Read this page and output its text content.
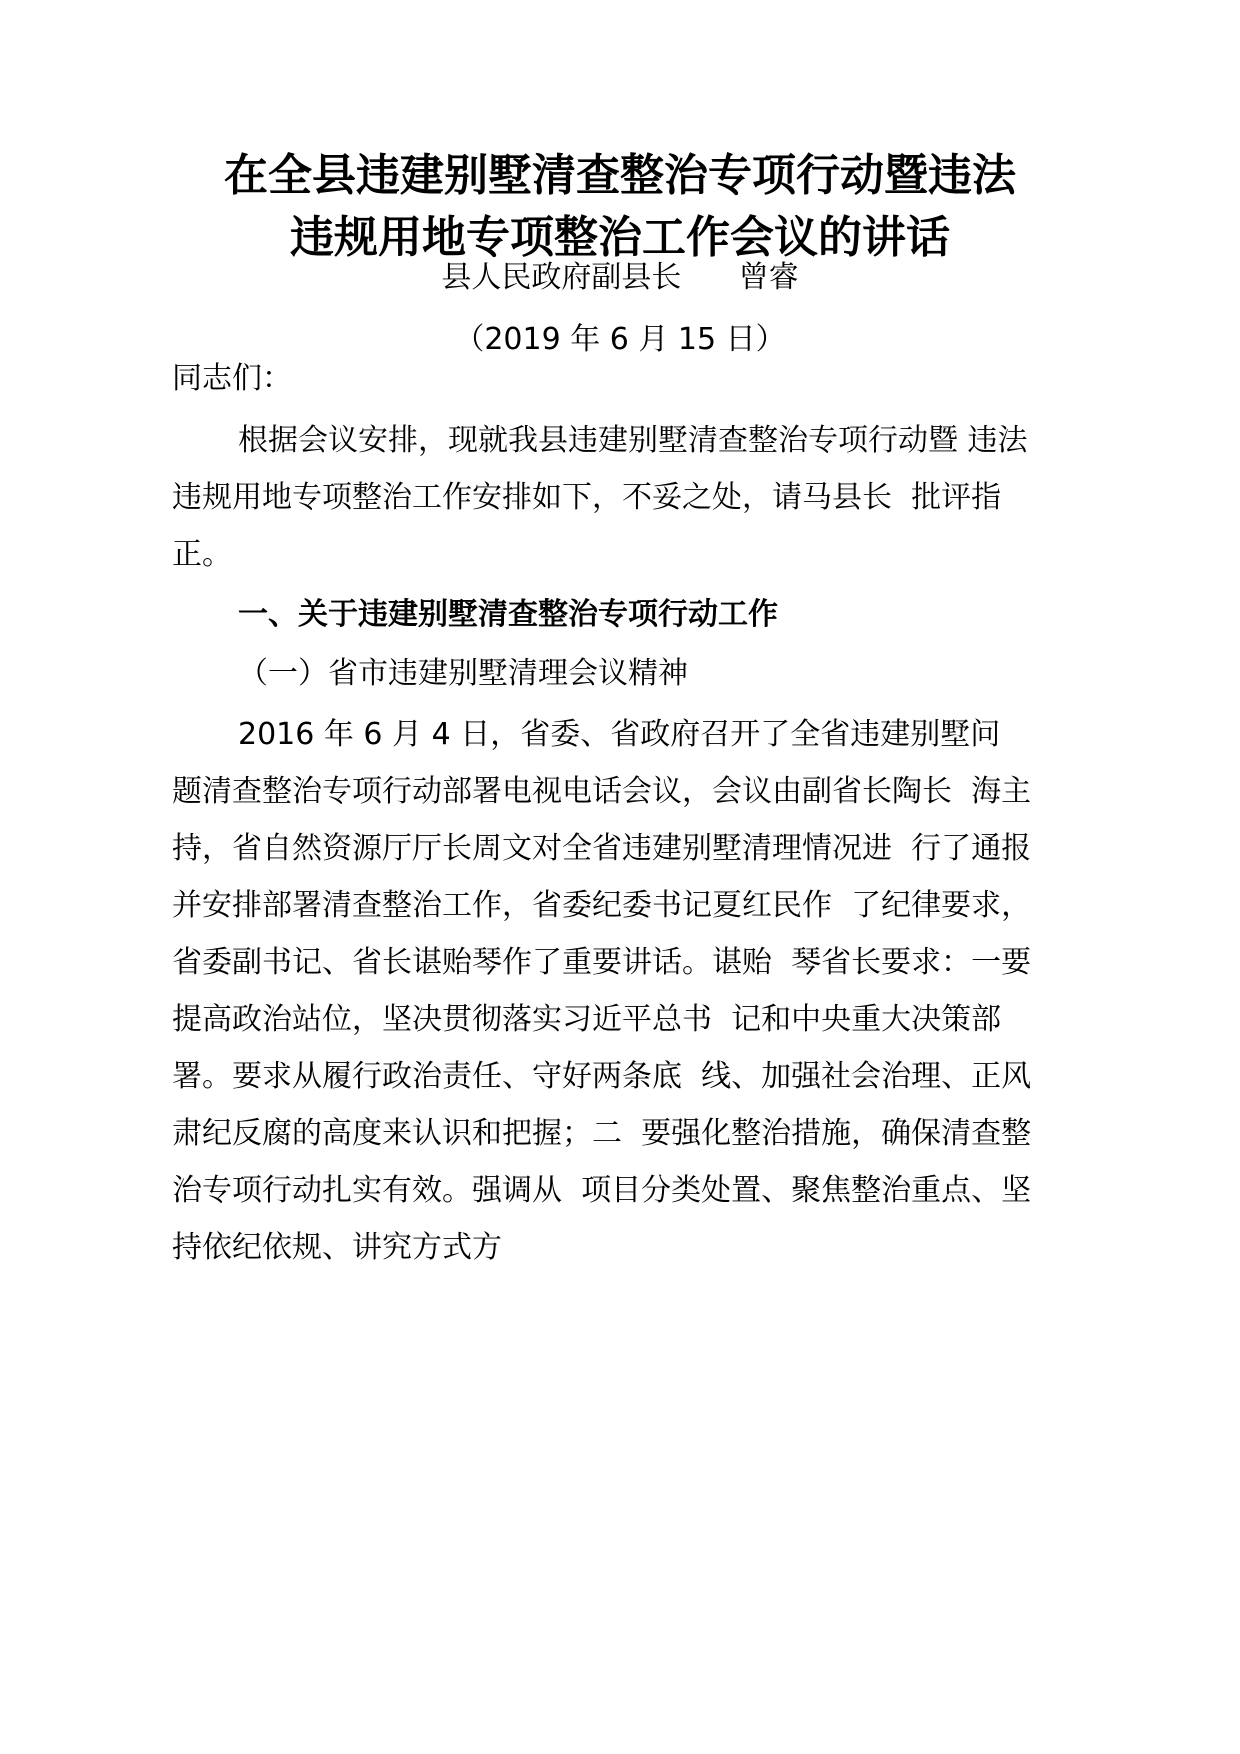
在全县违建别墅清查整治专项行动暨违法
违规用地专项整治工作会议的讲话
县人民政府副县长      曾睿
（2019 年 6 月 15 日）
同志们：
根据会议安排，现就我县违建别墅清查整治专项行动暨 违法
违规用地专项整治工作安排如下，不妥之处，请马县长  批评指
正。
一、关于违建别墅清查整治专项行动工作
（一）省市违建别墅清理会议精神
2016 年 6 月 4 日，省委、省政府召开了全省违建别墅问
题清查整治专项行动部署电视电话会议，会议由副省长陶长  海主
持，省自然资源厅厅长周文对全省违建别墅清理情况进  行了通报
并安排部署清查整治工作，省委纪委书记夏红民作  了纪律要求，
省委副书记、省长谌贻琴作了重要讲话。谌贻  琴省长要求：一要
提高政治站位，坚决贯彻落实习近平总书  记和中央重大决策部
署。要求从履行政治责任、守好两条底  线、加强社会治理、正风
肃纪反腐的高度来认识和把握；二  要强化整治措施，确保清查整
治专项行动扎实有效。强调从  项目分类处置、聚焦整治重点、坚
持依纪依规、讲究方式方
